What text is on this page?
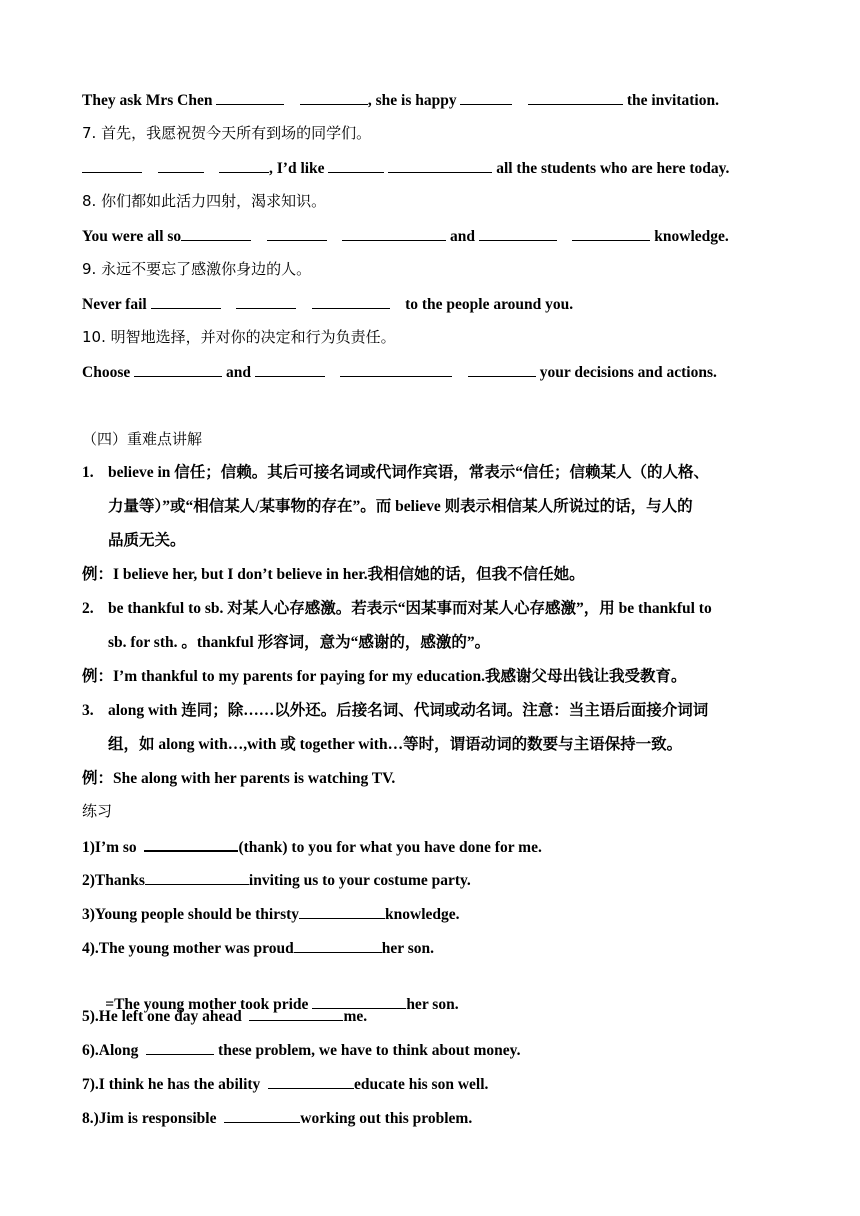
They ask Mrs Chen	, she is happy	the invitation.
7. 首先，我愿祝贺今天所有到场的同学们。
, I’d like	all the students who are here today.
8. 你们都如此活力四射，渴求知识。
You were all so	and	knowledge.
9. 永远不要忘了感激你身边的人。
Never fail	to the people around you.
10. 明智地选择，并对你的决定和行为负责任。
Choose	and	your decisions and actions.
（四）重难点讲解
1. believe in 信任；信赖。其后可接名词或代词作宾语，常表示“信任；信赖某人（的人格、
力量等）”或“相信某人/某事物的存在”。而 believe 则表示相信某人所说过的话，与人的
品质无关。
例：I believe her, but I don’t believe in her.我相信她的话，但我不信任她。
2. be thankful to sb. 对某人心存感激。若表示“因某事而对某人心存感激”，用 be thankful to
sb. for sth. 。thankful 形容词，意为“感谢的，感激的”。
例：I’m thankful to my parents for paying for my education.我感谢父母出钱让我受教育。
3. along with 连同；除……以外还。后接名词、代词或动名词。注意：当主语后面接介词词
组，如 along with…,with 或 together with…等时，谓语动词的数要与主语保持一致。
例：She along with her parents is watching TV.
练习
1)I’m so	(thank) to you for what you have done for me.
2)Thanks	inviting us to your costume party.
3)Young people should be thirsty	knowledge.
4).The young mother was proud	her son.

=The young mother took pride	her son.

5).He left one day ahead	me.
6).Along	these problem, we have to think about money.
7).I think he has the ability	educate his son well.
8.)Jim is responsible	working out this problem.
